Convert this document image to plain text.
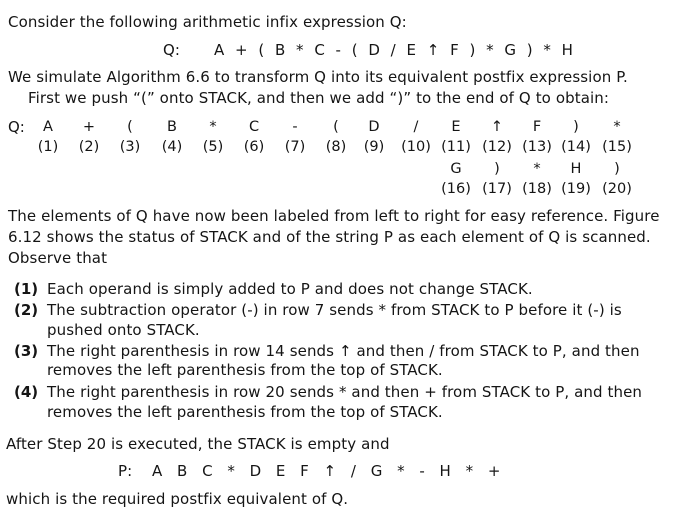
Consider the following arithmetic infix expression Q:
Q: A + ( B * C - ( D / E ↑ F ) * G ) * H
We simulate Algorithm 6.6 to transform Q into its equivalent postfix expression P.
First we push “(” onto STACK, and then we add “)” to the end of Q to obtain:
Q:	A	+	(	B	*	C	-	(	D	/	E	↑	F	)	*
(1)	(2)	(3)	(4)	(5)	(6)	(7)	(8)	(9)	(10) (11) (12) (13) (14) (15)
G	)	*	H	)
(16) (17) (18) (19) (20)
The elements of Q have now been labeled from left to right for easy reference. Figure
6.12 shows the status of STACK and of the string P as each element of Q is scanned.
Observe that
(1) Each operand is simply added to P and does not change STACK.
(2) The subtraction operator (-) in row 7 sends * from STACK to P before it (-) is
pushed onto STACK.
(3) The right parenthesis in row 14 sends ↑ and then / from STACK to P, and then
removes the left parenthesis from the top of STACK.
(4) The right parenthesis in row 20 sends * and then + from STACK to P, and then
removes the left parenthesis from the top of STACK.
After Step 20 is executed, the STACK is empty and
P: A B C * D E F ↑ / G * - H * +
which is the required postfix equivalent of Q.
